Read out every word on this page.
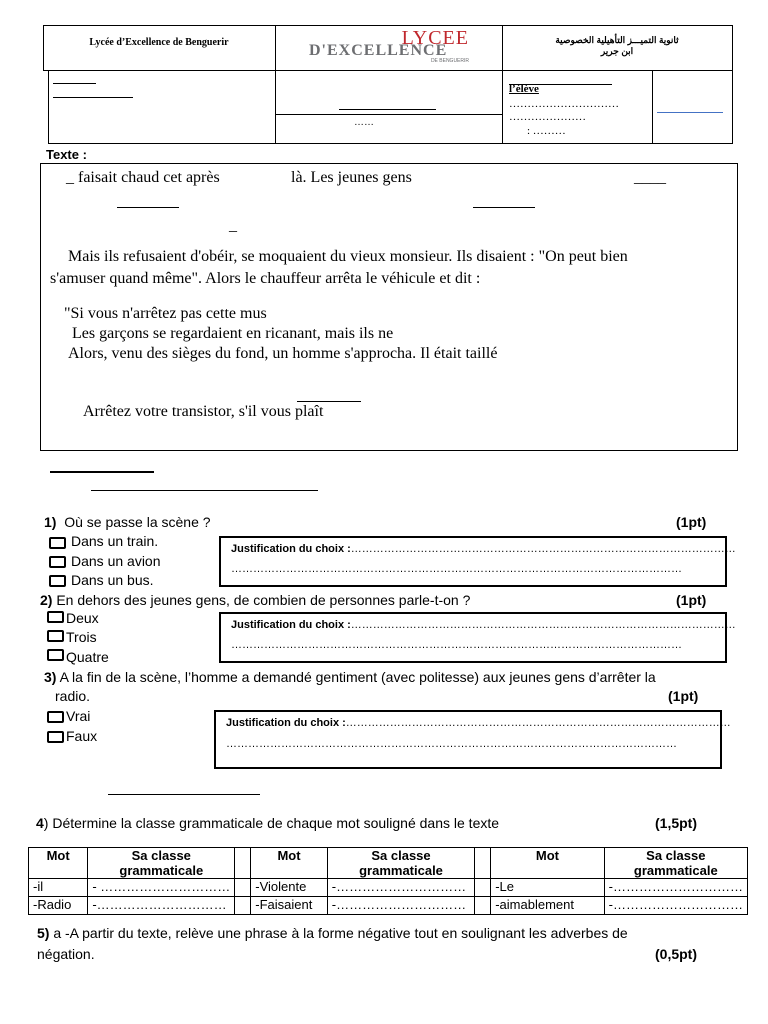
Lycée d’Excellence de Benguerir	LYCEE
D'EXCELLENCE
DE BENGUERIR
ثانوية التميـــز التأهيلية الخصوصية
ابن جرير
……
l’élève
…………………………
…………………
: ………
Texte :
_ faisait chaud cet après	là. Les jeunes gens	____
_
Mais ils refusaient d'obéir, se moquaient du vieux monsieur. Ils disaient : "On peut bien
s'amuser quand même". Alors le chauffeur arrêta le véhicule et dit :
"Si vous n'arrêtez pas cette mus
Les garçons se regardaient en ricanant, mais ils ne
Alors, venu des sièges du fond, un homme s'approcha. Il était taillé
Arrêtez votre transistor, s'il vous plaît
1) Où se passe la scène ?	(1pt)
Dans un train.
Dans un avion
Dans un bus.
Justification du choix :……………………………………………………………………………………………
……………………………………………………………………………………………………………
2) En dehors des jeunes gens, de combien de personnes parle-t-on ?	(1pt)
Deux
Trois
Quatre
Justification du choix :……………………………………………………………………………………………
……………………………………………………………………………………………………………
3) A la fin de la scène, l’homme a demandé gentiment (avec politesse) aux jeunes gens d’arrêter la
radio.	(1pt)
Vrai
Faux
Justification du choix :……………………………………………………………………………………………
……………………………………………………………………………………………………………
4) Détermine la classe grammaticale de chaque mot souligné dans le texte	(1,5pt)
Mot	Sa classe
grammaticale		Mot	Sa classe
grammaticale		Mot	Sa classe
grammaticale
-il	- …………………………		-Violente	-…………………………		-Le	-…………………………
-Radio	-…………………………		-Faisaient	-…………………………		-aimablement	-…………………………
5) a -A partir du texte, relève une phrase à la forme négative tout en soulignant les adverbes de
négation.	(0,5pt)
